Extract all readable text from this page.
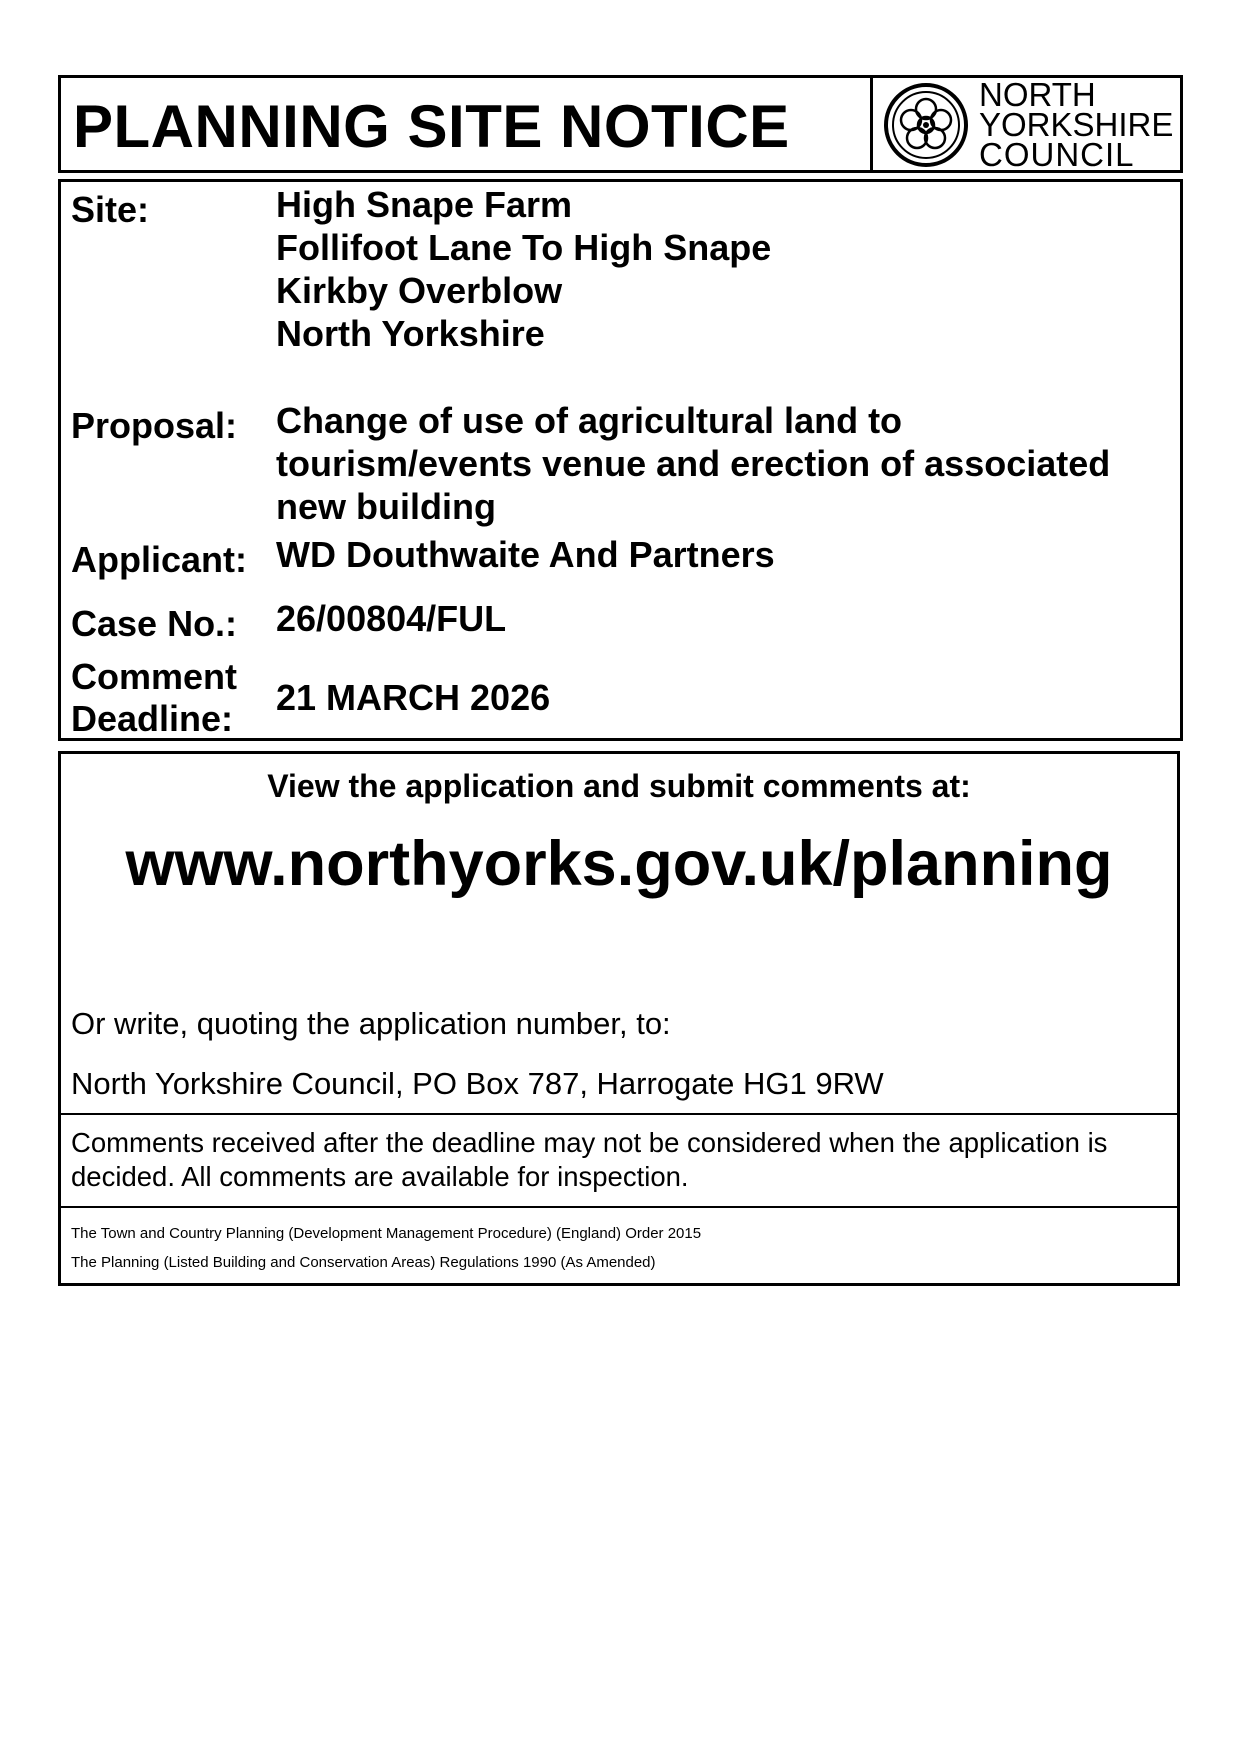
PLANNING SITE NOTICE	NORTH
YORKSHIRE
COUNCIL
Site:	High Snape Farm
Follifoot Lane To High Snape
Kirkby Overblow
North Yorkshire
Proposal: Change of use of agricultural land to
tourism/events venue and erection of associated
new building
Applicant: WD Douthwaite And Partners
Case No.: 26/00804/FUL
Comment
Deadline:
21 MARCH 2026
View the application and submit comments at:
www.northyorks.gov.uk/planning
Or write, quoting the application number, to:
North Yorkshire Council, PO Box 787, Harrogate HG1 9RW
Comments received after the deadline may not be considered when the application is
decided. All comments are available for inspection.
The Town and Country Planning (Development Management Procedure) (England) Order 2015
The Planning (Listed Building and Conservation Areas) Regulations 1990 (As Amended)
